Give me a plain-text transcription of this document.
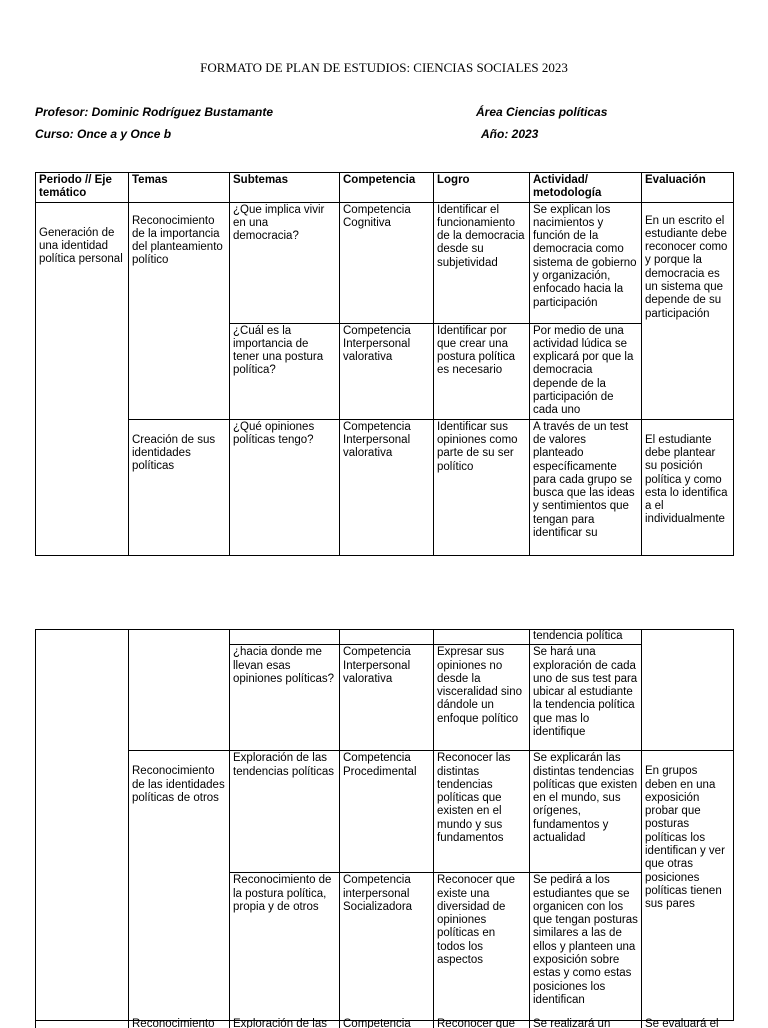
FORMATO DE PLAN DE ESTUDIOS: CIENCIAS SOCIALES 2023
Profesor: Dominic Rodríguez Bustamante	Área Ciencias políticas
Curso: Once a y Once b	Año: 2023
Periodo // Eje temático	Temas	Subtemas	Competencia	Logro	Actividad/ metodología	Evaluación
Generación de una identidad política personal	Reconocimiento de la importancia del planteamiento político	¿Que implica vivir en una democracia?	Competencia Cognitiva	Identificar el funcionamiento de la democracia desde su subjetividad	Se explican los nacimientos y función de la democracia como sistema de gobierno y organización, enfocado hacia la participación	En un escrito el estudiante debe reconocer como y porque la democracia es un sistema que depende de su participación
		¿Cuál es la importancia de tener una postura política?	Competencia Interpersonal valorativa	Identificar por que crear una postura política es necesario	Por medio de una actividad lúdica se explicará por que la democracia depende de la participación de cada uno	
	Creación de sus identidades políticas	¿Qué opiniones políticas tengo?	Competencia Interpersonal valorativa	Identificar sus opiniones como parte de su ser político	A través de un test de valores planteado específicamente para cada grupo se busca que las ideas y sentimientos que tengan para identificar su	El estudiante debe plantear su posición política y como esta lo identifica a el individualmente
					tendencia política	
		¿hacia donde me llevan esas opiniones políticas?	Competencia Interpersonal valorativa	Expresar sus opiniones no desde la visceralidad sino dándole un enfoque político	Se hará una exploración de cada uno de sus test para ubicar al estudiante la tendencia política que mas lo identifique	
	Reconocimiento de las identidades políticas de otros	Exploración de las tendencias políticas	Competencia Procedimental	Reconocer las distintas tendencias políticas que existen en el mundo y sus fundamentos	Se explicarán las distintas tendencias políticas que existen en el mundo, sus orígenes, fundamentos y actualidad	En grupos deben en una exposición probar que posturas políticas los identifican y ver que otras posiciones políticas tienen sus pares
		Reconocimiento de la postura política, propia y de otros	Competencia interpersonal Socializadora	Reconocer que existe una diversidad de opiniones políticas en todos los aspectos	Se pedirá a los estudiantes que se organicen con los que tengan posturas similares a las de ellos y planteen una exposición sobre estas y como estas posiciones los identifican	
Reconocimiento	Exploración de las	Competencia	Reconocer que	Se realizará un	Se evaluará el
